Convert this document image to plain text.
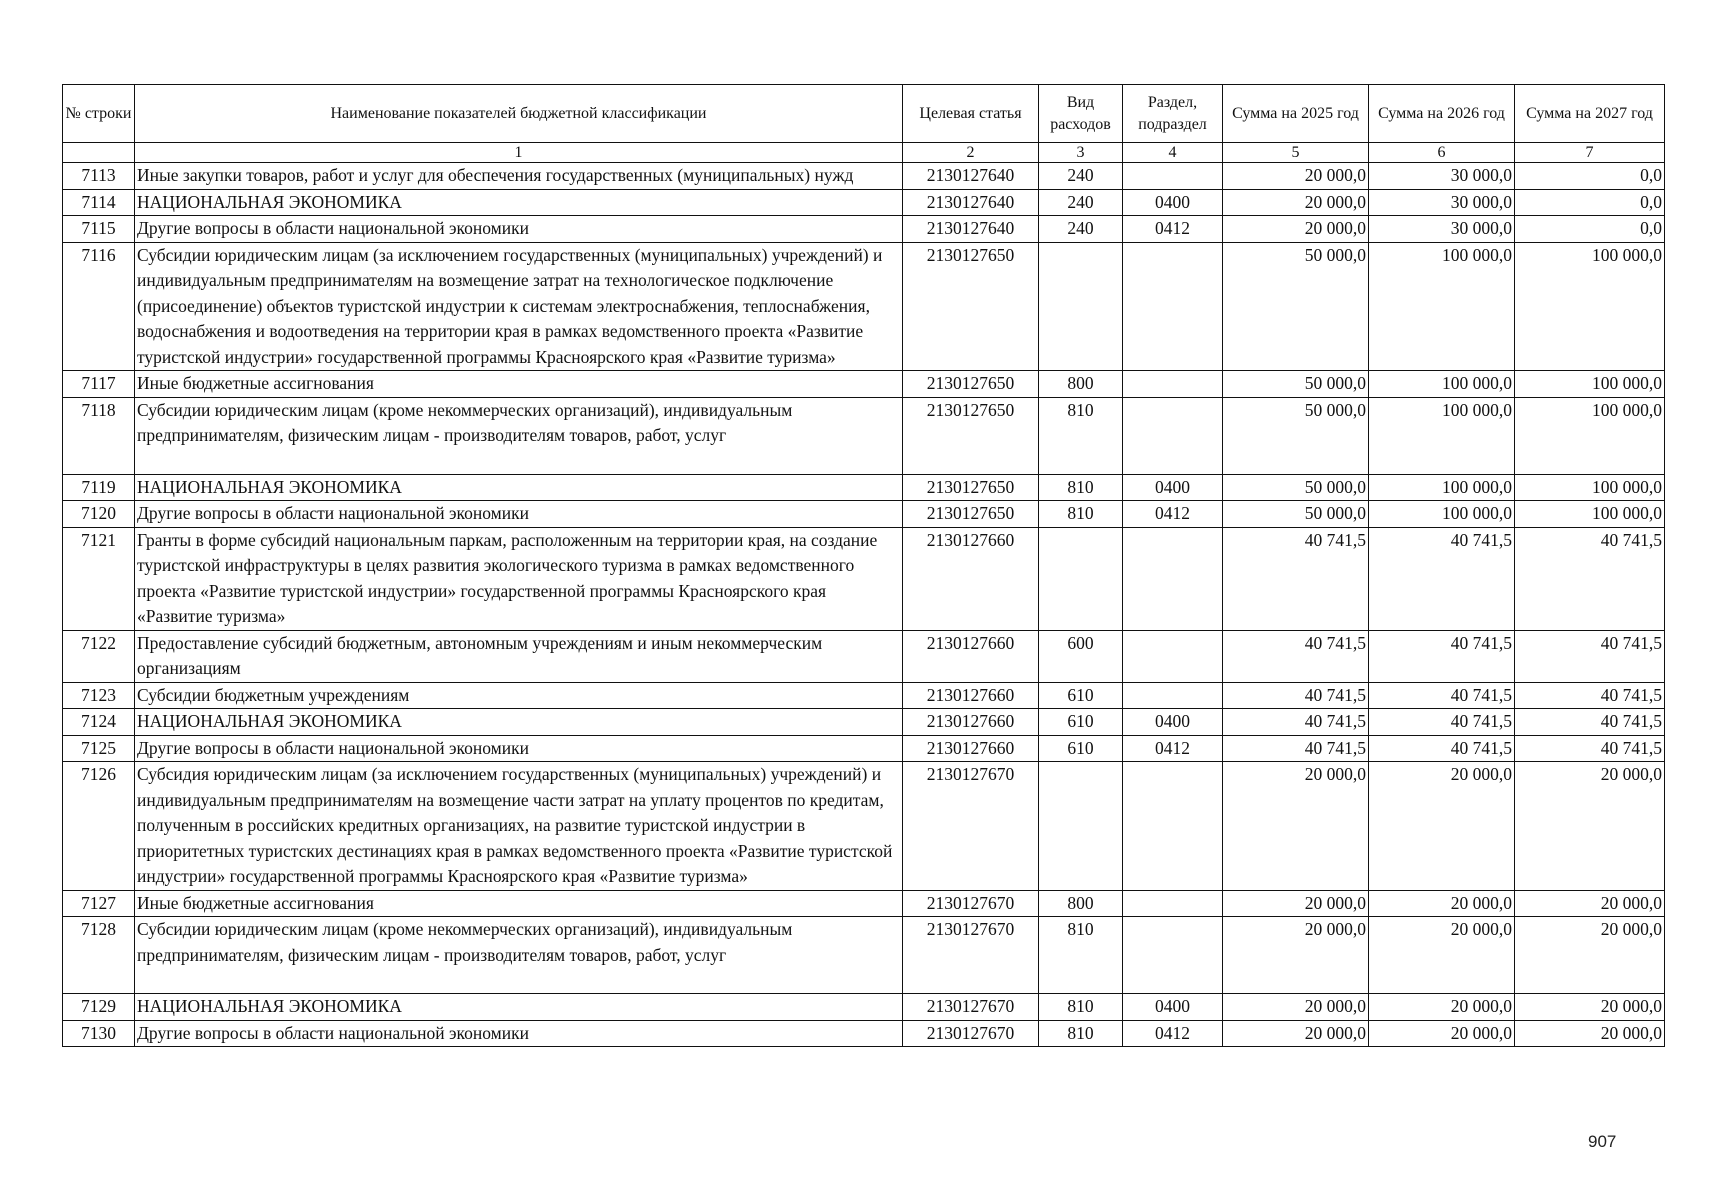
№ строки	Наименование показателей бюджетной классификации	Целевая статья	Вид расходов	Раздел, подраздел	Сумма на 2025 год	Сумма на 2026 год	Сумма на 2027 год
	1	2	3	4	5	6	7
7113	Иные закупки товаров, работ и услуг для обеспечения государственных (муниципальных) нужд	2130127640	240		20 000,0	30 000,0	0,0
7114	НАЦИОНАЛЬНАЯ ЭКОНОМИКА	2130127640	240	0400	20 000,0	30 000,0	0,0
7115	Другие вопросы в области национальной экономики	2130127640	240	0412	20 000,0	30 000,0	0,0
7116	Субсидии юридическим лицам (за исключением государственных (муниципальных) учреждений) и индивидуальным предпринимателям на возмещение затрат на технологическое подключение (присоединение) объектов туристской индустрии к системам электроснабжения, теплоснабжения, водоснабжения и водоотведения на территории края в рамках ведомственного проекта «Развитие туристской индустрии» государственной программы Красноярского края «Развитие туризма»	2130127650			50 000,0	100 000,0	100 000,0
7117	Иные бюджетные ассигнования	2130127650	800		50 000,0	100 000,0	100 000,0
7118	Субсидии юридическим лицам (кроме некоммерческих организаций), индивидуальным предпринимателям, физическим лицам - производителям товаров, работ, услуг	2130127650	810		50 000,0	100 000,0	100 000,0
7119	НАЦИОНАЛЬНАЯ ЭКОНОМИКА	2130127650	810	0400	50 000,0	100 000,0	100 000,0
7120	Другие вопросы в области национальной экономики	2130127650	810	0412	50 000,0	100 000,0	100 000,0
7121	Гранты в форме субсидий национальным паркам, расположенным на территории края, на создание туристской инфраструктуры в целях развития экологического туризма в рамках ведомственного проекта «Развитие туристской индустрии» государственной программы Красноярского края «Развитие туризма»	2130127660			40 741,5	40 741,5	40 741,5
7122	Предоставление субсидий бюджетным, автономным учреждениям и иным некоммерческим организациям	2130127660	600		40 741,5	40 741,5	40 741,5
7123	Субсидии бюджетным учреждениям	2130127660	610		40 741,5	40 741,5	40 741,5
7124	НАЦИОНАЛЬНАЯ ЭКОНОМИКА	2130127660	610	0400	40 741,5	40 741,5	40 741,5
7125	Другие вопросы в области национальной экономики	2130127660	610	0412	40 741,5	40 741,5	40 741,5
7126	Субсидия юридическим лицам (за исключением государственных (муниципальных) учреждений) и индивидуальным предпринимателям на возмещение части затрат на уплату процентов по кредитам, полученным в российских кредитных организациях, на развитие туристской индустрии в приоритетных туристских дестинациях края в рамках ведомственного проекта «Развитие туристской индустрии» государственной программы Красноярского края «Развитие туризма»	2130127670			20 000,0	20 000,0	20 000,0
7127	Иные бюджетные ассигнования	2130127670	800		20 000,0	20 000,0	20 000,0
7128	Субсидии юридическим лицам (кроме некоммерческих организаций), индивидуальным предпринимателям, физическим лицам - производителям товаров, работ, услуг	2130127670	810		20 000,0	20 000,0	20 000,0
7129	НАЦИОНАЛЬНАЯ ЭКОНОМИКА	2130127670	810	0400	20 000,0	20 000,0	20 000,0
7130	Другие вопросы в области национальной экономики	2130127670	810	0412	20 000,0	20 000,0	20 000,0
907
